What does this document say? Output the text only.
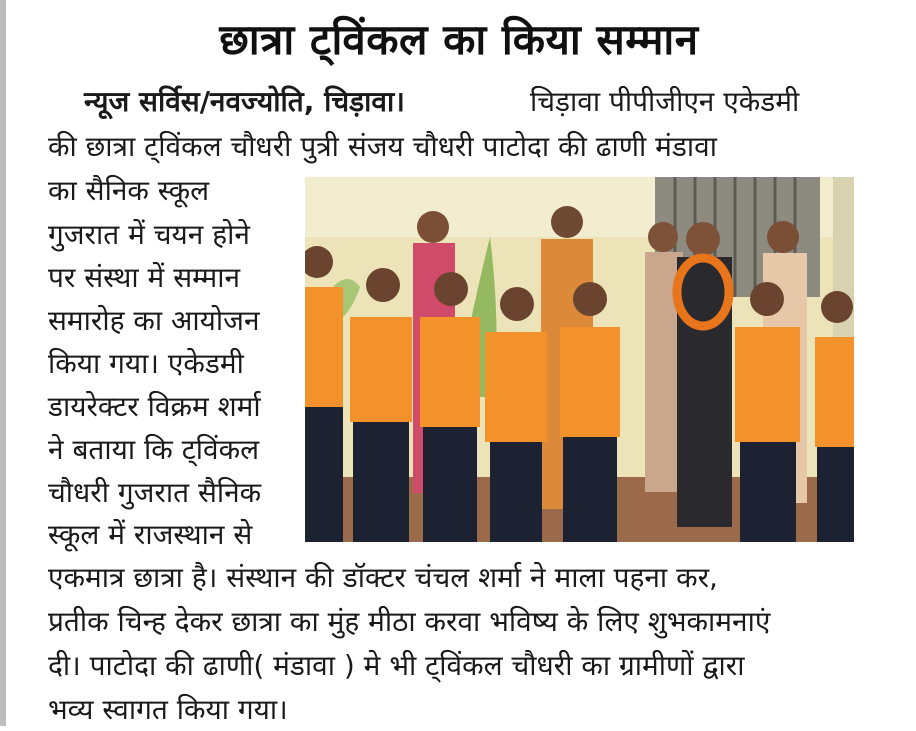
छात्रा ट्विंकल का किया सम्मान
न्यूज सर्विस/नवज्योति, चिड़ावा।	चिड़ावा पीपीजीएन एकेडमी
की छात्रा ट्विंकल चौधरी पुत्री संजय चौधरी पाटोदा की ढाणी मंडावा
का सैनिक स्कूल
गुजरात में चयन होने
पर संस्था में सम्मान
समारोह का आयोजन
किया गया। एकेडमी
डायरेक्टर विक्रम शर्मा
ने बताया कि ट्विंकल
चौधरी गुजरात सैनिक
स्कूल में राजस्थान से
एकमात्र छात्रा है। संस्थान की डॉक्टर चंचल शर्मा ने माला पहना कर,
प्रतीक चिन्ह देकर छात्रा का मुंह मीठा करवा भविष्य के लिए शुभकामनाएं
दी। पाटोदा की ढाणी( मंडावा ) मे भी ट्विंकल चौधरी का ग्रामीणों द्वारा
भव्य स्वागत किया गया।
